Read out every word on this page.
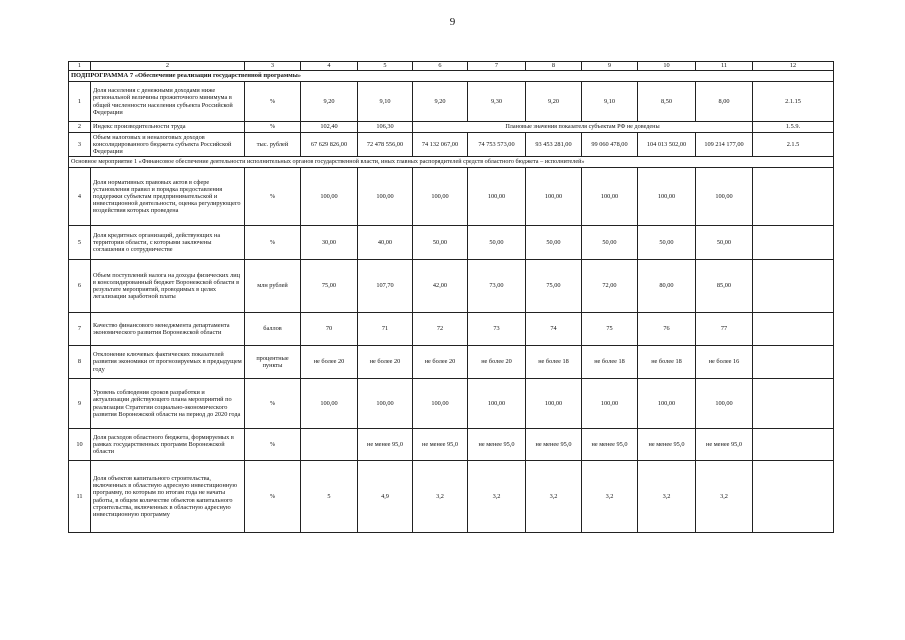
9
1	2	3	4	5	6	7	8	9	10	11	12
ПОДПРОГРАММА 7 «Обеспечение реализации государственной программы»											
1	Доля населения с денежными доходами ниже региональной величины прожиточного минимума в общей численности населения субъекта Российской Федерации	%	9,20	9,10	9,20	9,30	9,20	9,10	8,50	8,00	2.1.15
2	Индекс производительности труда	%	102,40	106,30	Плановые значения показателя субъектам РФ не доведены						1.5.9.
3	Объем налоговых и неналоговых доходов консолидированного бюджета субъекта Российской Федерации	тыс. рублей	67 629 826,00	72 478 556,00	74 132 067,00	74 753 573,00	93 453 281,00	99 060 478,00	104 013 502,00	109 214 177,00	2.1.5
Основное мероприятие 1 «Финансовое обеспечение деятельности исполнительных органов государственной власти, иных главных распорядителей средств областного бюджета – исполнителей»											
4	Доля нормативных правовых актов в сфере установления правил и порядка предоставления поддержки субъектам предпринимательской и инвестиционной деятельности, оценка регулирующего воздействия которых проведена	%	100,00	100,00	100,00	100,00	100,00	100,00	100,00	100,00	
5	Доля кредитных организаций, действующих на территории области, с которыми заключены соглашения о сотрудничестве	%	30,00	40,00	50,00	50,00	50,00	50,00	50,00	50,00	
6	Объем поступлений налога на доходы физических лиц в консолидированный бюджет Воронежской области в результате мероприятий, проводимых в целях легализации заработной платы	млн рублей	75,00	107,70	42,00	73,00	75,00	72,00	80,00	85,00	
7	Качество финансового менеджмента департамента экономического развития Воронежской области	баллов	70	71	72	73	74	75	76	77	
8	Отклонение ключевых фактических показателей развития экономики от прогнозируемых в предыдущем году	процентные пункты	не более 20	не более 20	не более 20	не более 20	не более 18	не более 18	не более 18	не более 16	
9	Уровень соблюдения сроков разработки и актуализации действующего плана мероприятий по реализации Стратегии социально-экономического развития Воронежской области на период до 2020 года	%	100,00	100,00	100,00	100,00	100,00	100,00	100,00	100,00	
10	Доля расходов областного бюджета, формируемых в рамках государственных программ Воронежской области	%		не менее 95,0	не менее 95,0	не менее 95,0	не менее 95,0	не менее 95,0	не менее 95,0	не менее 95,0	
11	Доля объектов капитального строительства, включенных в областную адресную инвестиционную программу, по которым по итогам года не начаты работы, в общем количестве объектов капитального строительства, включенных в областную адресную инвестиционную программу	%	5	4,9	3,2	3,2	3,2	3,2	3,2	3,2	
